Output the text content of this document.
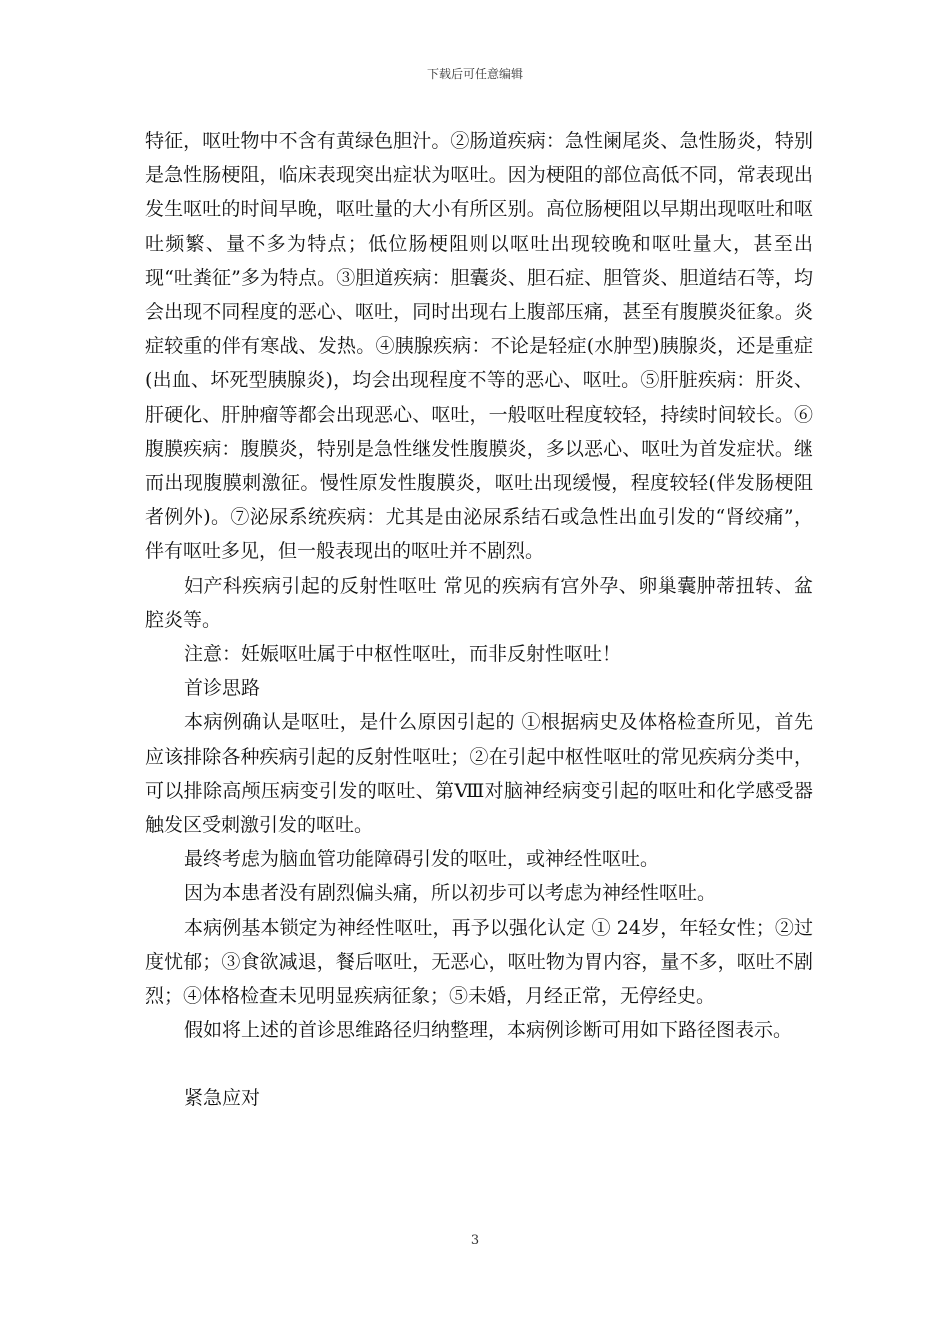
下载后可任意编辑

特征，呕吐物中不含有黄绿色胆汁。②肠道疾病：急性阑尾炎、急性肠炎，特别是急性肠梗阻，临床表现突出症状为呕吐。因为梗阻的部位高低不同，常表现出发生呕吐的时间早晚，呕吐量的大小有所区别。高位肠梗阻以早期出现呕吐和呕吐频繁、量不多为特点；低位肠梗阻则以呕吐出现较晚和呕吐量大，甚至出现“吐粪征”多为特点。③胆道疾病：胆囊炎、胆石症、胆管炎、胆道结石等，均会出现不同程度的恶心、呕吐，同时出现右上腹部压痛，甚至有腹膜炎征象。炎症较重的伴有寒战、发热。④胰腺疾病：不论是轻症(水肿型)胰腺炎，还是重症(出血、坏死型胰腺炎)，均会出现程度不等的恶心、呕吐。⑤肝脏疾病：肝炎、肝硬化、肝肿瘤等都会出现恶心、呕吐，一般呕吐程度较轻，持续时间较长。⑥腹膜疾病：腹膜炎，特别是急性继发性腹膜炎，多以恶心、呕吐为首发症状。继而出现腹膜刺激征。慢性原发性腹膜炎，呕吐出现缓慢，程度较轻(伴发肠梗阻者例外)。⑦泌尿系统疾病：尤其是由泌尿系结石或急性出血引发的“肾绞痛”，伴有呕吐多见，但一般表现出的呕吐并不剧烈。

妇产科疾病引起的反射性呕吐 常见的疾病有宫外孕、卵巢囊肿蒂扭转、盆腔炎等。

注意：妊娠呕吐属于中枢性呕吐，而非反射性呕吐！

首诊思路

本病例确认是呕吐，是什么原因引起的 ①根据病史及体格检查所见，首先应该排除各种疾病引起的反射性呕吐；②在引起中枢性呕吐的常见疾病分类中，可以排除高颅压病变引发的呕吐、第Ⅷ对脑神经病变引起的呕吐和化学感受器触发区受刺激引发的呕吐。

最终考虑为脑血管功能障碍引发的呕吐，或神经性呕吐。

因为本患者没有剧烈偏头痛，所以初步可以考虑为神经性呕吐。

本病例基本锁定为神经性呕吐，再予以强化认定 ① 24岁，年轻女性；②过度忧郁；③食欲减退，餐后呕吐，无恶心，呕吐物为胃内容，量不多，呕吐不剧烈；④体格检查未见明显疾病征象；⑤未婚，月经正常，无停经史。

假如将上述的首诊思维路径归纳整理，本病例诊断可用如下路径图表示。

紧急应对

3
